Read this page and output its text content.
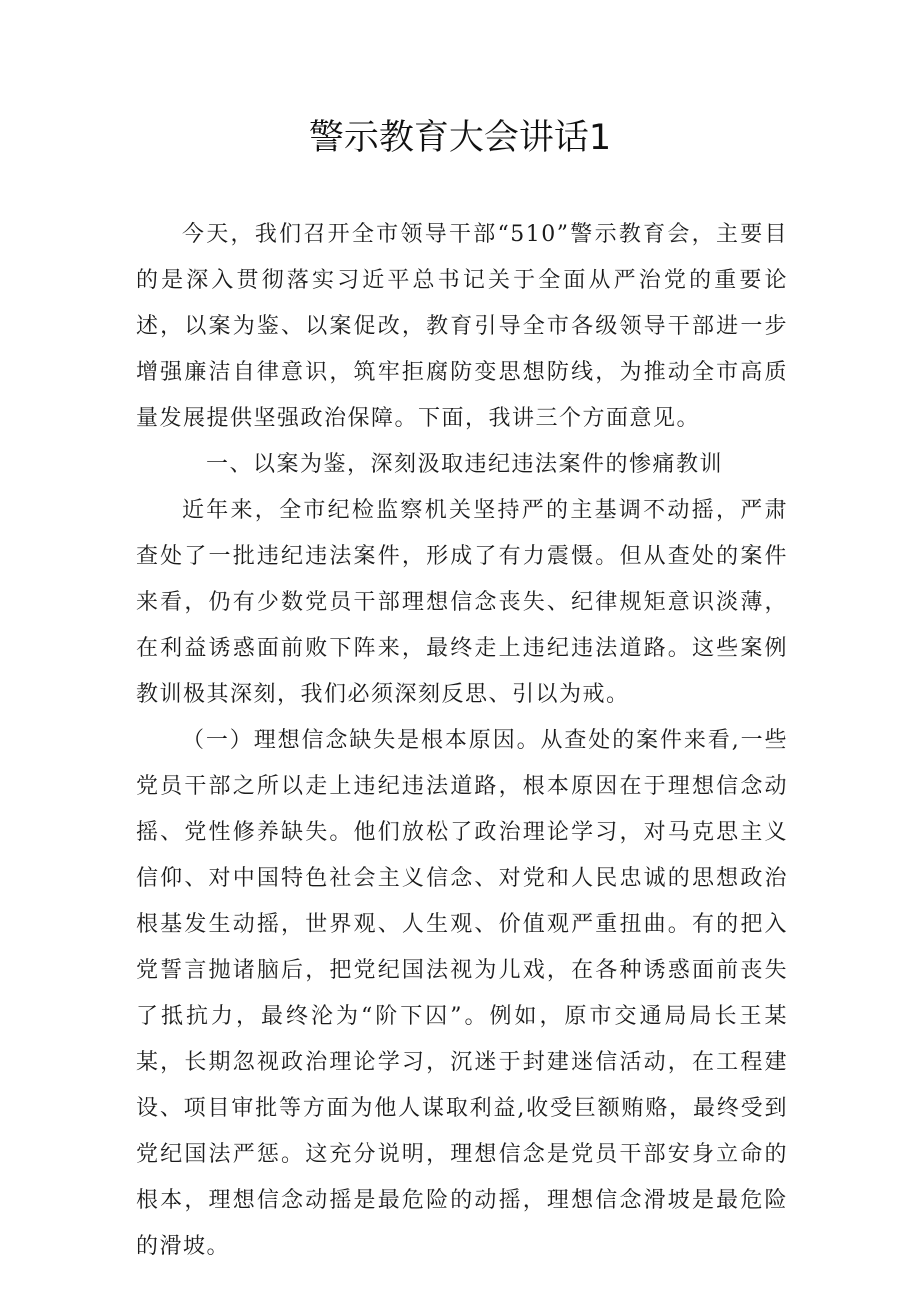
警示教育大会讲话1

今天，我们召开全市领导干部“510”警示教育会，主要目的是深入贯彻落实习近平总书记关于全面从严治党的重要论述，以案为鉴、以案促改，教育引导全市各级领导干部进一步增强廉洁自律意识，筑牢拒腐防变思想防线，为推动全市高质量发展提供坚强政治保障。下面，我讲三个方面意见。

一、以案为鉴，深刻汲取违纪违法案件的惨痛教训

近年来，全市纪检监察机关坚持严的主基调不动摇，严肃查处了一批违纪违法案件，形成了有力震慑。但从查处的案件来看，仍有少数党员干部理想信念丧失、纪律规矩意识淡薄，在利益诱惑面前败下阵来，最终走上违纪违法道路。这些案例教训极其深刻，我们必须深刻反思、引以为戒。

（一）理想信念缺失是根本原因。从查处的案件来看,一些党员干部之所以走上违纪违法道路，根本原因在于理想信念动摇、党性修养缺失。他们放松了政治理论学习，对马克思主义信仰、对中国特色社会主义信念、对党和人民忠诚的思想政治根基发生动摇，世界观、人生观、价值观严重扭曲。有的把入党誓言抛诸脑后，把党纪国法视为儿戏，在各种诱惑面前丧失了抵抗力，最终沦为“阶下囚”。例如，原市交通局局长王某某，长期忽视政治理论学习，沉迷于封建迷信活动，在工程建设、项目审批等方面为他人谋取利益,收受巨额贿赂，最终受到党纪国法严惩。这充分说明，理想信念是党员干部安身立命的根本，理想信念动摇是最危险的动摇，理想信念滑坡是最危险的滑坡。
